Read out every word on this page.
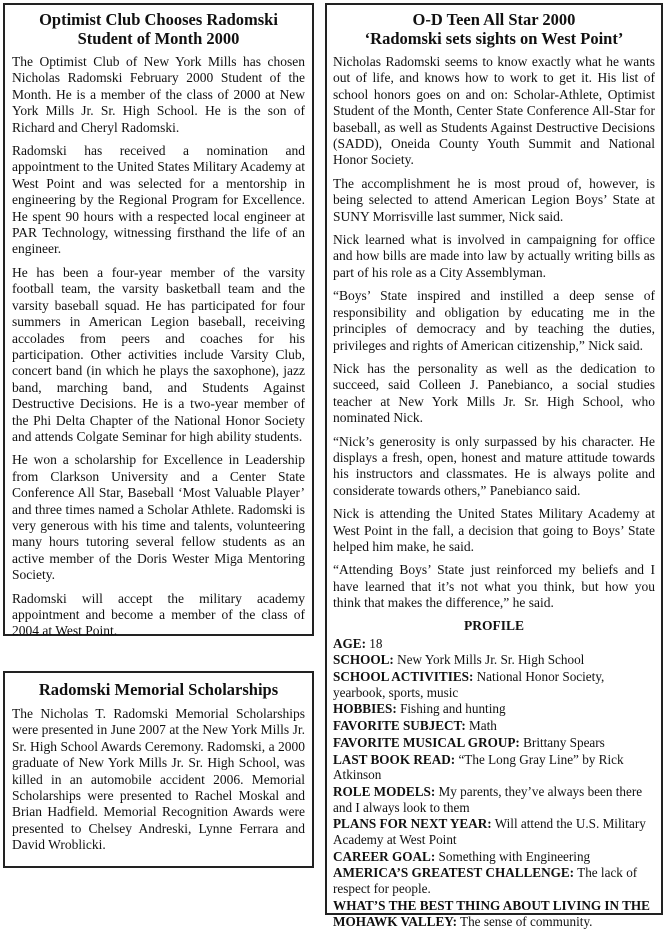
Optimist Club Chooses Radomski
Student of Month 2000

The Optimist Club of New York Mills has chosen Nicholas Radomski February 2000 Student of the Month. He is a member of the class of 2000 at New York Mills Jr. Sr. High School. He is the son of Richard and Cheryl Radomski.

Radomski has received a nomination and appointment to the United States Military Academy at West Point and was selected for a mentorship in engineering by the Regional Program for Excellence. He spent 90 hours with a respected local engineer at PAR Technology, witnessing firsthand the life of an engineer.

He has been a four-year member of the varsity football team, the varsity basketball team and the varsity baseball squad. He has participated for four summers in American Legion baseball, receiving accolades from peers and coaches for his participation. Other activities include Varsity Club, concert band (in which he plays the saxophone), jazz band, marching band, and Students Against Destructive Decisions. He is a two-year member of the Phi Delta Chapter of the National Honor Society and attends Colgate Seminar for high ability students.

He won a scholarship for Excellence in Leadership from Clarkson University and a Center State Conference All Star, Baseball ‘Most Valuable Player’ and three times named a Scholar Athlete. Radomski is very generous with his time and talents, volunteering many hours tutoring several fellow students as an active member of the Doris Wester Miga Mentoring Society.

Radomski will accept the military academy appointment and become a member of the class of 2004 at West Point.

Radomski Memorial Scholarships

The Nicholas T. Radomski Memorial Scholarships were presented in June 2007 at the New York Mills Jr. Sr. High School Awards Ceremony. Radomski, a 2000 graduate of New York Mills Jr. Sr. High School, was killed in an automobile accident 2006. Memorial Scholarships were presented to Rachel Moskal and Brian Hadfield. Memorial Recognition Awards were presented to Chelsey Andreski, Lynne Ferrara and David Wroblicki.

O-D Teen All Star 2000
‘Radomski sets sights on West Point’

Nicholas Radomski seems to know exactly what he wants out of life, and knows how to work to get it. His list of school honors goes on and on: Scholar-Athlete, Optimist Student of the Month, Center State Conference All-Star for baseball, as well as Students Against Destructive Decisions (SADD), Oneida County Youth Summit and National Honor Society.

The accomplishment he is most proud of, however, is being selected to attend American Legion Boys’ State at SUNY Morrisville last summer, Nick said.

Nick learned what is involved in campaigning for office and how bills are made into law by actually writing bills as part of his role as a City Assemblyman.

“Boys’ State inspired and instilled a deep sense of responsibility and obligation by educating me in the principles of democracy and by teaching the duties, privileges and rights of American citizenship,” Nick said.

Nick has the personality as well as the dedication to succeed, said Colleen J. Panebianco, a social studies teacher at New York Mills Jr. Sr. High School, who nominated Nick.

“Nick’s generosity is only surpassed by his character. He displays a fresh, open, honest and mature attitude towards his instructors and classmates. He is always polite and considerate towards others,” Panebianco said.

Nick is attending the United States Military Academy at West Point in the fall, a decision that going to Boys’ State helped him make, he said.

“Attending Boys’ State just reinforced my beliefs and I have learned that it’s not what you think, but how you think that makes the difference,” he said.

PROFILE
AGE: 18
SCHOOL: New York Mills Jr. Sr. High School
SCHOOL ACTIVITIES: National Honor Society, yearbook, sports, music
HOBBIES: Fishing and hunting
FAVORITE SUBJECT: Math
FAVORITE MUSICAL GROUP: Brittany Spears
LAST BOOK READ: “The Long Gray Line” by Rick Atkinson
ROLE MODELS: My parents, they’ve always been there and I always look to them
PLANS FOR NEXT YEAR: Will attend the U.S. Military Academy at West Point
CAREER GOAL: Something with Engineering
AMERICA’S GREATEST CHALLENGE: The lack of respect for people.
WHAT’S THE BEST THING ABOUT LIVING IN THE MOHAWK VALLEY: The sense of community.
